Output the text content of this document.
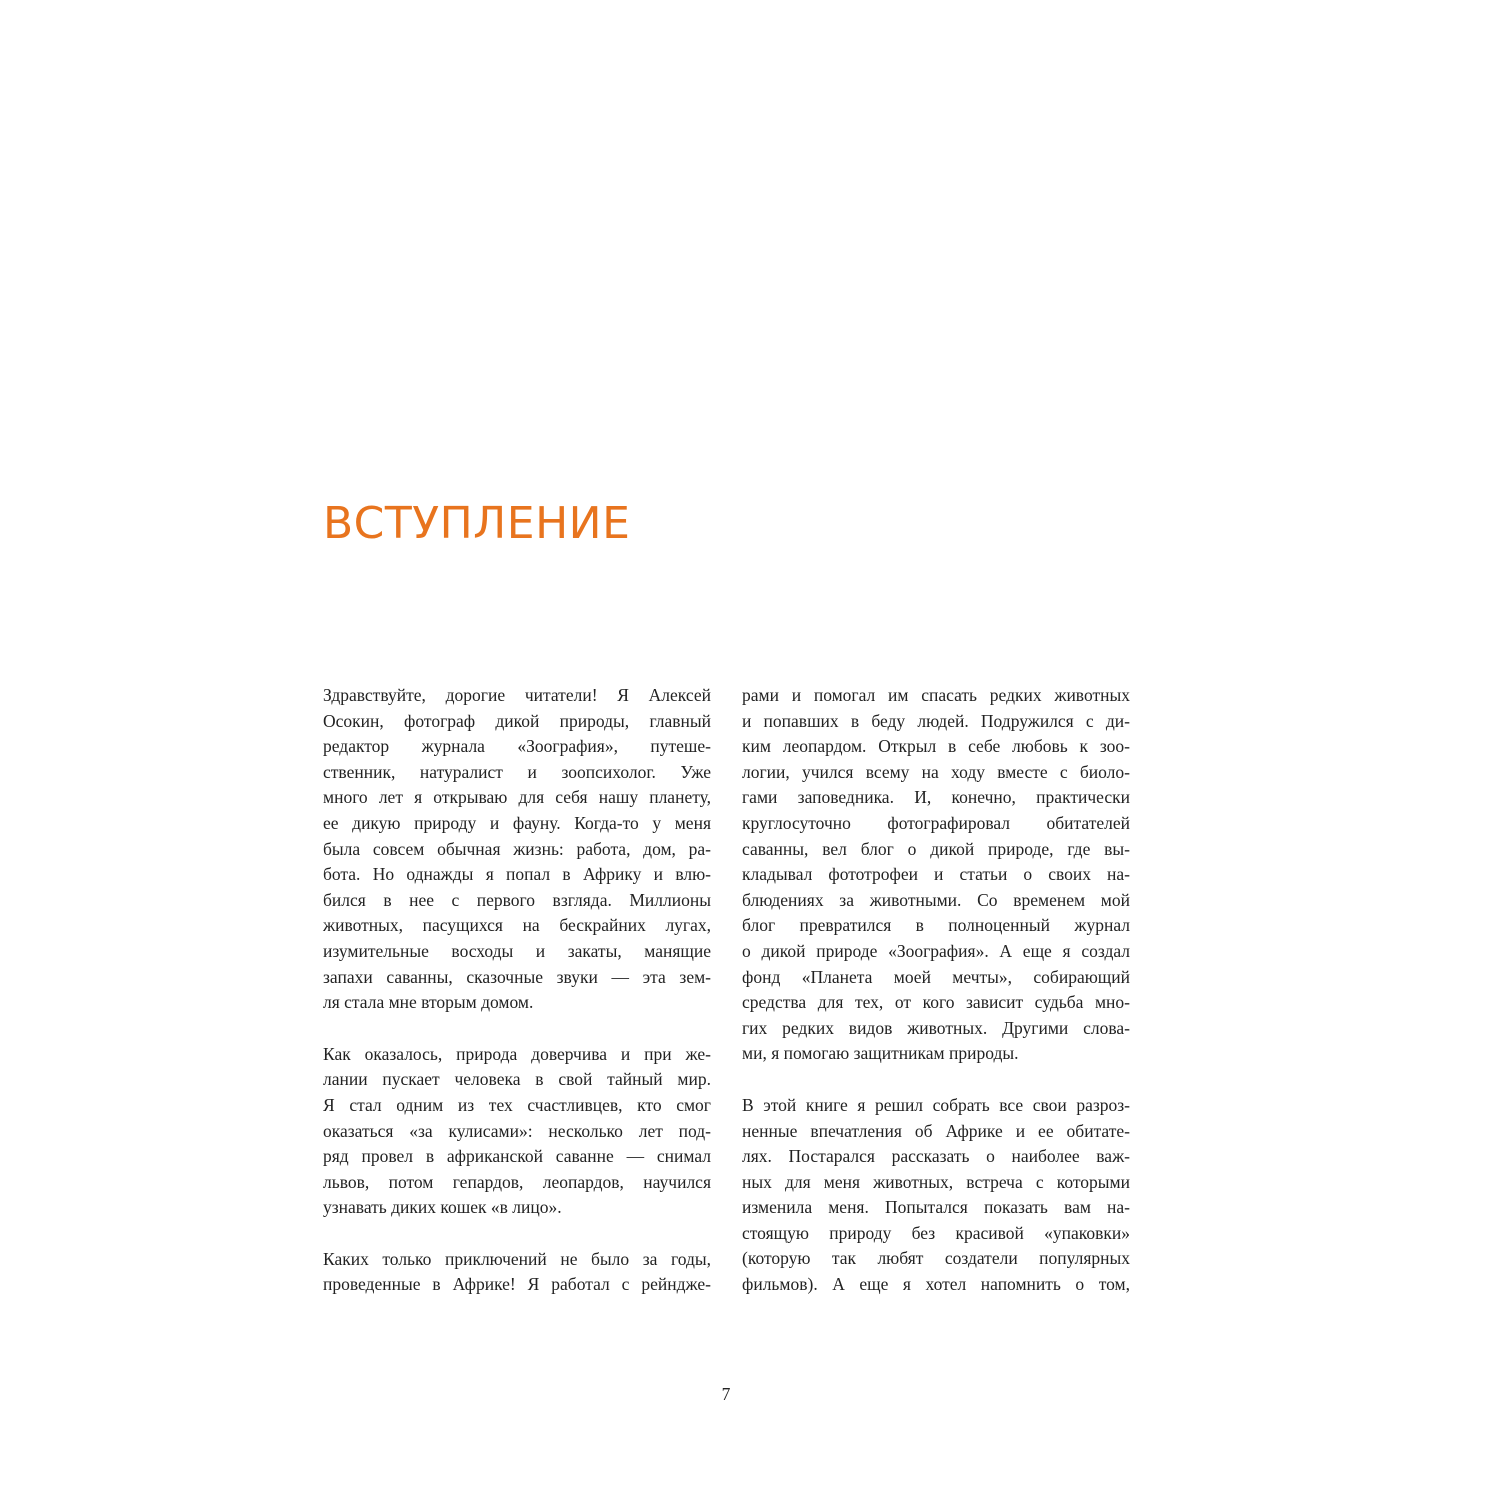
ВСТУПЛЕНИЕ

Здравствуйте, дорогие читатели! Я Алексей
Осокин, фотограф дикой природы, главный
редактор журнала «Зоография», путеше-
ственник, натуралист и зоопсихолог. Уже
много лет я открываю для себя нашу планету,
ее дикую природу и фауну. Когда-то у меня
была совсем обычная жизнь: работа, дом, ра-
бота. Но однажды я попал в Африку и влю-
бился в нее с первого взгляда. Миллионы
животных, пасущихся на бескрайних лугах,
изумительные восходы и закаты, манящие
запахи саванны, сказочные звуки — эта зем-
ля стала мне вторым домом.

Как оказалось, природа доверчива и при же-
лании пускает человека в свой тайный мир.
Я стал одним из тех счастливцев, кто смог
оказаться «за кулисами»: несколько лет под-
ряд провел в африканской саванне — снимал
львов, потом гепардов, леопардов, научился
узнавать диких кошек «в лицо».

Каких только приключений не было за годы,
проведенные в Африке! Я работал с рейндже-

рами и помогал им спасать редких животных
и попавших в беду людей. Подружился с ди-
ким леопардом. Открыл в себе любовь к зоо-
логии, учился всему на ходу вместе с биоло-
гами заповедника. И, конечно, практически
круглосуточно фотографировал обитателей
саванны, вел блог о дикой природе, где вы-
кладывал фототрофеи и статьи о своих на-
блюдениях за животными. Со временем мой
блог превратился в полноценный журнал
о дикой природе «Зоография». А еще я создал
фонд «Планета моей мечты», собирающий
средства для тех, от кого зависит судьба мно-
гих редких видов животных. Другими слова-
ми, я помогаю защитникам природы.

В этой книге я решил собрать все свои разроз-
ненные впечатления об Африке и ее обитате-
лях. Постарался рассказать о наиболее важ-
ных для меня животных, встреча с которыми
изменила меня. Попытался показать вам на-
стоящую природу без красивой «упаковки»
(которую так любят создатели популярных
фильмов). А еще я хотел напомнить о том,

7
